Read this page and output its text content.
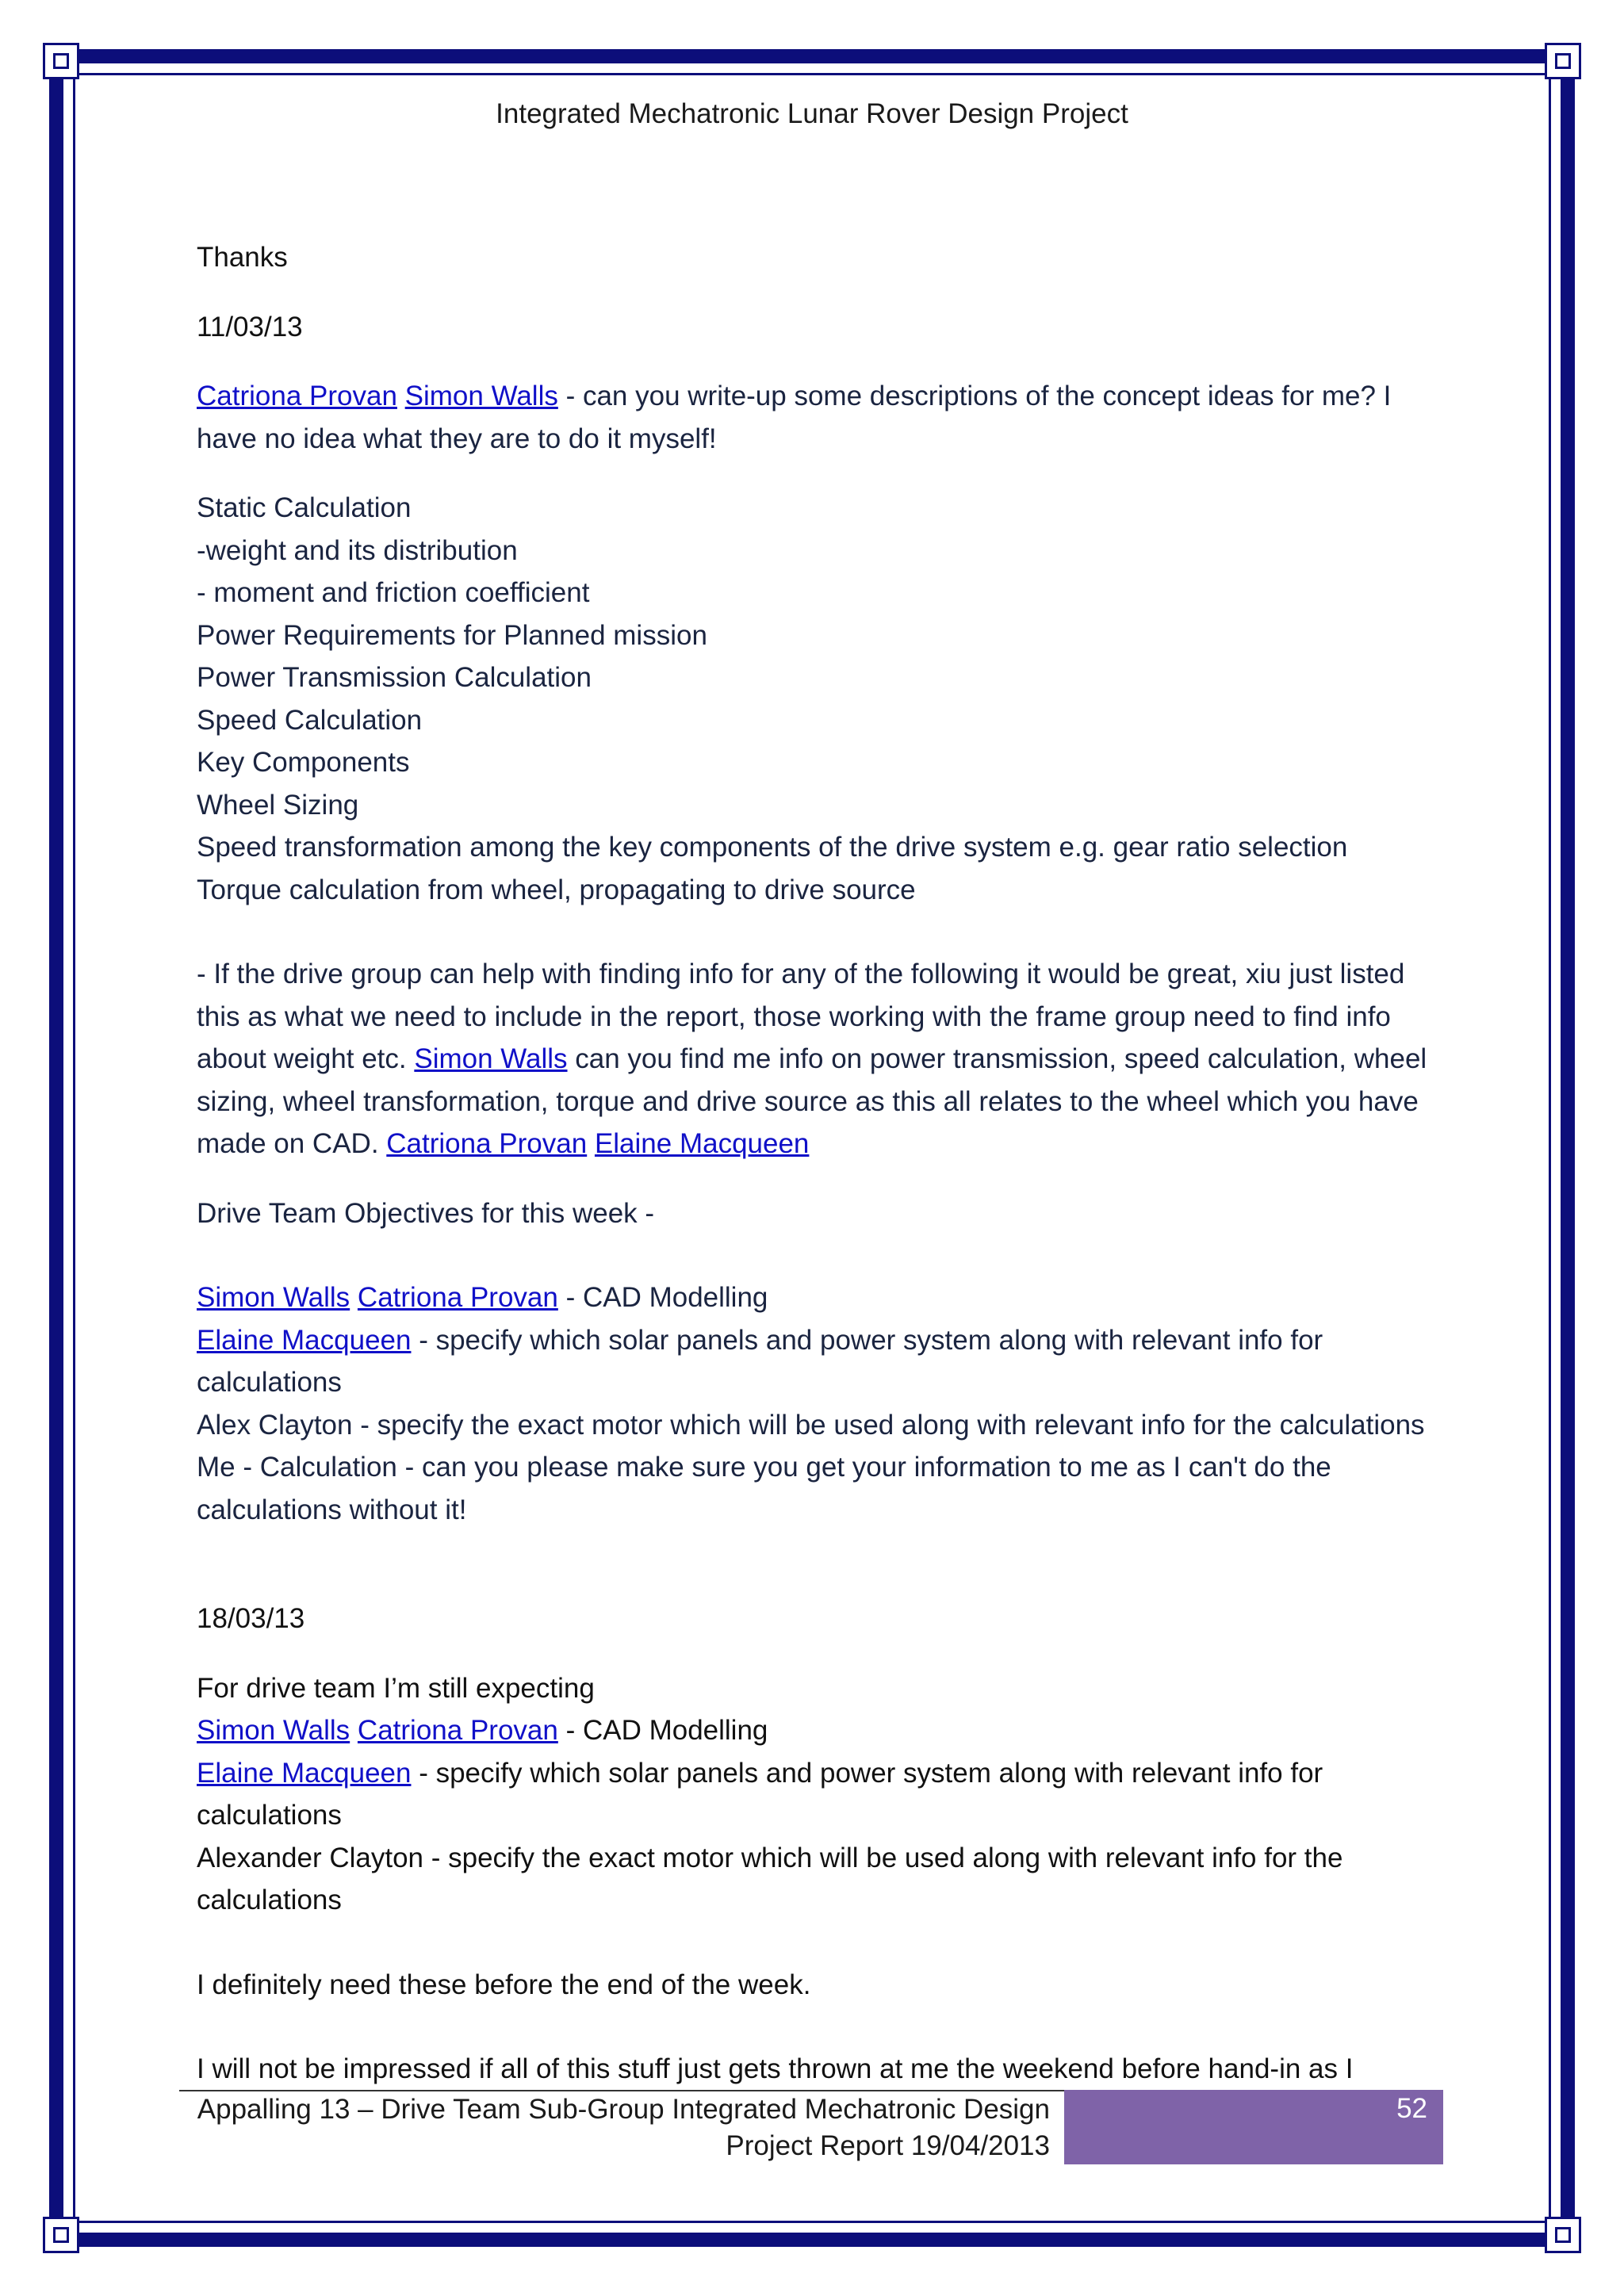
Integrated Mechatronic Lunar Rover Design Project

Thanks

11/03/13

Catriona Provan Simon Walls - can you write-up some descriptions of the concept ideas for me? I have no idea what they are to do it myself!

Static Calculation
-weight and its distribution
- moment and friction coefficient
Power Requirements for Planned mission
Power Transmission Calculation
Speed Calculation
Key Components
Wheel Sizing
Speed transformation among the key components of the drive system e.g. gear ratio selection
Torque calculation from wheel, propagating to drive source
- If the drive group can help with finding info for any of the following it would be great, xiu just listed this as what we need to include in the report, those working with the frame group need to find info about weight etc. Simon Walls can you find me info on power transmission, speed calculation, wheel sizing, wheel transformation, torque and drive source as this all relates to the wheel which you have made on CAD. Catriona Provan Elaine Macqueen
Drive Team Objectives for this week -
Simon Walls Catriona Provan - CAD Modelling
Elaine Macqueen - specify which solar panels and power system along with relevant info for calculations
Alex Clayton - specify the exact motor which will be used along with relevant info for the calculations
Me - Calculation - can you please make sure you get your information to me as I can't do the calculations without it!

18/03/13

For drive team I’m still expecting
Simon Walls Catriona Provan - CAD Modelling
Elaine Macqueen - specify which solar panels and power system along with relevant info for calculations
Alexander Clayton - specify the exact motor which will be used along with relevant info for the calculations
I definitely need these before the end of the week.
I will not be impressed if all of this stuff just gets thrown at me the weekend before hand-in as I
Appalling 13 – Drive Team Sub-Group Integrated Mechatronic Design
Project Report 19/04/2013
52
